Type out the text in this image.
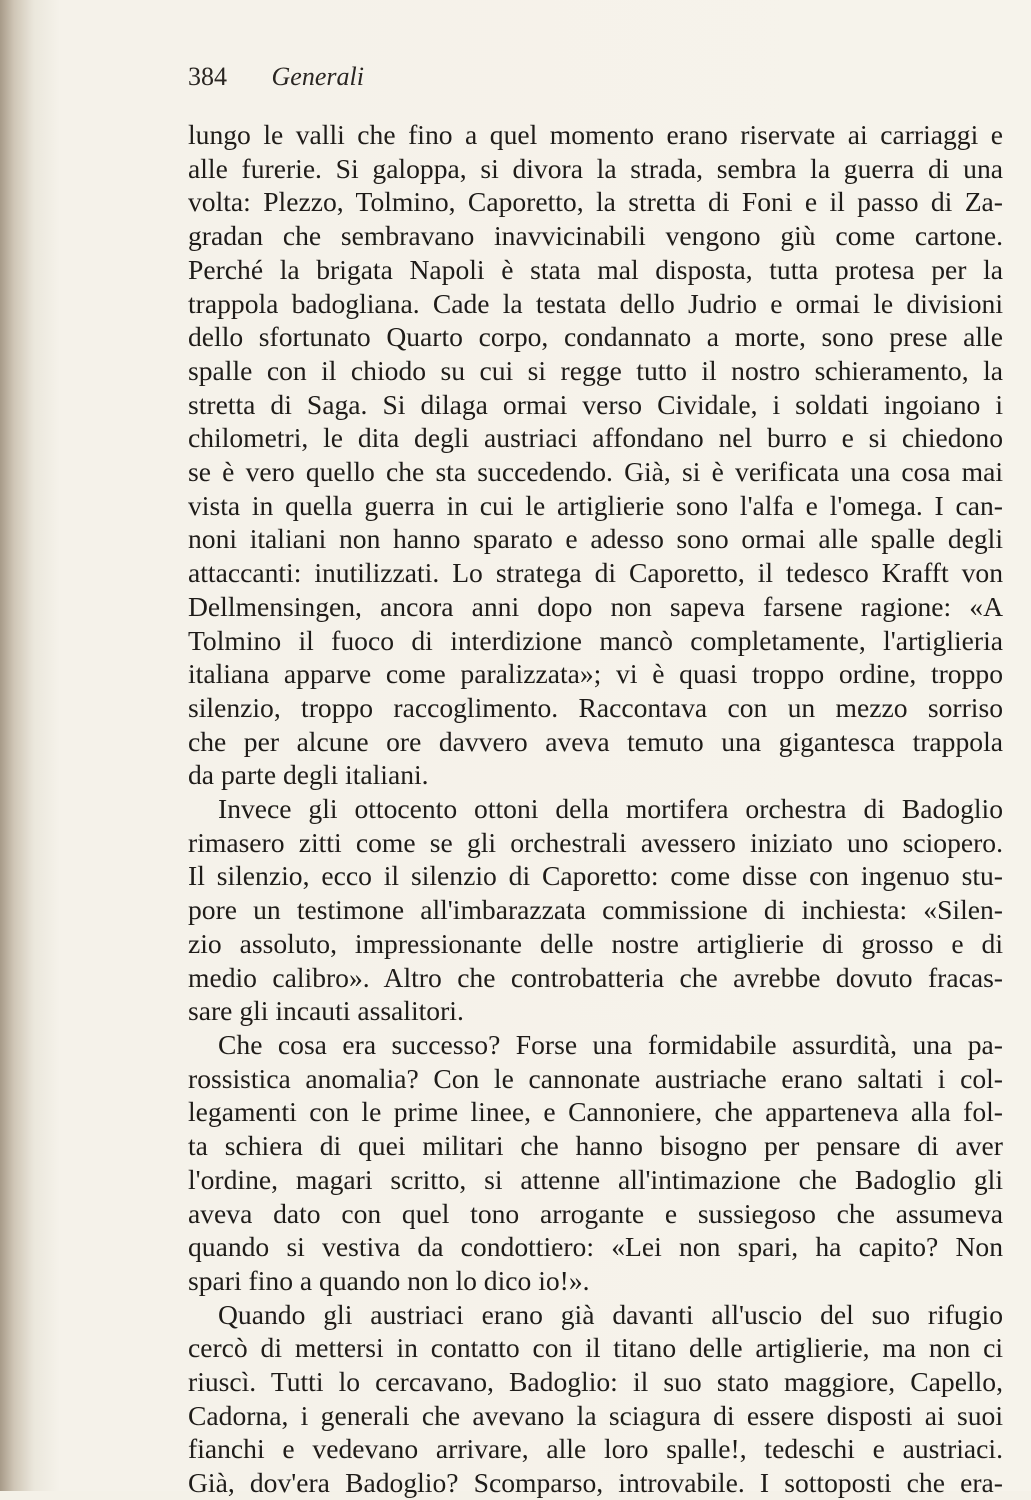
384 Generali

lungo le valli che fino a quel momento erano riservate ai carriaggi e
alle furerie. Si galoppa, si divora la strada, sembra la guerra di una
volta: Plezzo, Tolmino, Caporetto, la stretta di Foni e il passo di Za-
gradan che sembravano inavvicinabili vengono giù come cartone.
Perché la brigata Napoli è stata mal disposta, tutta protesa per la
trappola badogliana. Cade la testata dello Judrio e ormai le divisioni
dello sfortunato Quarto corpo, condannato a morte, sono prese alle
spalle con il chiodo su cui si regge tutto il nostro schieramento, la
stretta di Saga. Si dilaga ormai verso Cividale, i soldati ingoiano i
chilometri, le dita degli austriaci affondano nel burro e si chiedono
se è vero quello che sta succedendo. Già, si è verificata una cosa mai
vista in quella guerra in cui le artiglierie sono l'alfa e l'omega. I can-
noni italiani non hanno sparato e adesso sono ormai alle spalle degli
attaccanti: inutilizzati. Lo stratega di Caporetto, il tedesco Krafft von
Dellmensingen, ancora anni dopo non sapeva farsene ragione: «A
Tolmino il fuoco di interdizione mancò completamente, l'artiglieria
italiana apparve come paralizzata»; vi è quasi troppo ordine, troppo
silenzio, troppo raccoglimento. Raccontava con un mezzo sorriso
che per alcune ore davvero aveva temuto una gigantesca trappola
da parte degli italiani.

Invece gli ottocento ottoni della mortifera orchestra di Badoglio
rimasero zitti come se gli orchestrali avessero iniziato uno sciopero.
Il silenzio, ecco il silenzio di Caporetto: come disse con ingenuo stu-
pore un testimone all'imbarazzata commissione di inchiesta: «Silen-
zio assoluto, impressionante delle nostre artiglierie di grosso e di
medio calibro». Altro che controbatteria che avrebbe dovuto fracas-
sare gli incauti assalitori.

Che cosa era successo? Forse una formidabile assurdità, una pa-
rossistica anomalia? Con le cannonate austriache erano saltati i col-
legamenti con le prime linee, e Cannoniere, che apparteneva alla fol-
ta schiera di quei militari che hanno bisogno per pensare di aver
l'ordine, magari scritto, si attenne all'intimazione che Badoglio gli
aveva dato con quel tono arrogante e sussiegoso che assumeva
quando si vestiva da condottiero: «Lei non spari, ha capito? Non
spari fino a quando non lo dico io!».

Quando gli austriaci erano già davanti all'uscio del suo rifugio
cercò di mettersi in contatto con il titano delle artiglierie, ma non ci
riuscì. Tutti lo cercavano, Badoglio: il suo stato maggiore, Capello,
Cadorna, i generali che avevano la sciagura di essere disposti ai suoi
fianchi e vedevano arrivare, alle loro spalle!, tedeschi e austriaci.
Già, dov'era Badoglio? Scomparso, introvabile. I sottoposti che era-
